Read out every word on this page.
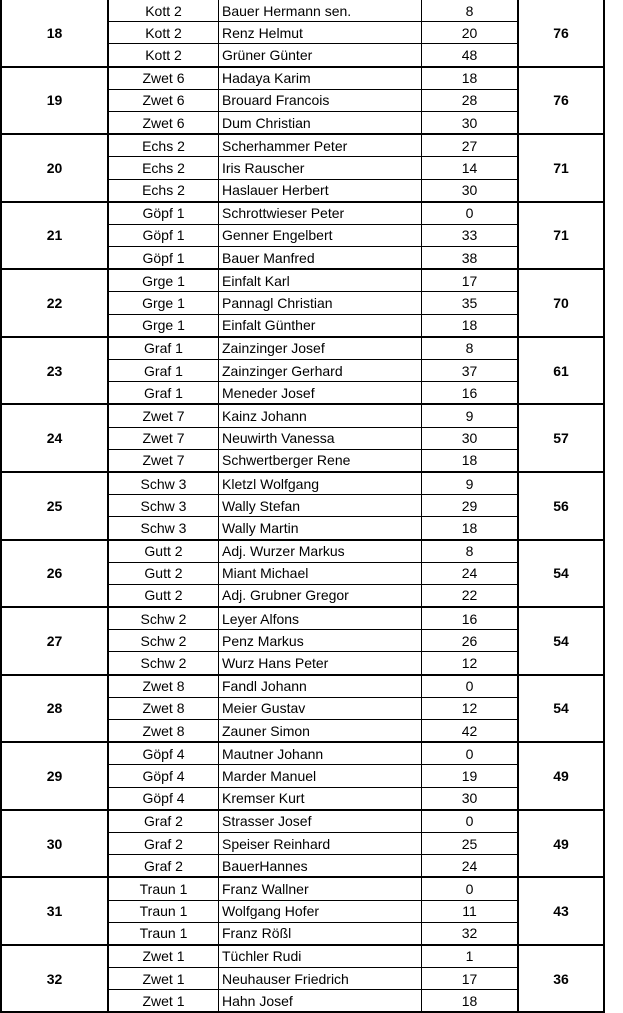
18	Kott 2	Bauer Hermann sen.	8	76
	Kott 2	Renz Helmut	20	
	Kott 2	Grüner Günter	48	
19	Zwet 6	Hadaya Karim	18	76
	Zwet 6	Brouard Francois	28	
	Zwet 6	Dum Christian	30	
20	Echs 2	Scherhammer Peter	27	71
	Echs 2	Iris Rauscher	14	
	Echs 2	Haslauer Herbert	30	
21	Göpf 1	Schrottwieser Peter	0	71
	Göpf 1	Genner Engelbert	33	
	Göpf 1	Bauer Manfred	38	
22	Grge 1	Einfalt Karl	17	70
	Grge 1	Pannagl Christian	35	
	Grge 1	Einfalt Günther	18	
23	Graf 1	Zainzinger Josef	8	61
	Graf 1	Zainzinger Gerhard	37	
	Graf 1	Meneder Josef	16	
24	Zwet 7	Kainz Johann	9	57
	Zwet 7	Neuwirth Vanessa	30	
	Zwet 7	Schwertberger Rene	18	
25	Schw 3	Kletzl Wolfgang	9	56
	Schw 3	Wally Stefan	29	
	Schw 3	Wally Martin	18	
26	Gutt 2	Adj. Wurzer Markus	8	54
	Gutt 2	Miant Michael	24	
	Gutt 2	Adj. Grubner Gregor	22	
27	Schw 2	Leyer Alfons	16	54
	Schw 2	Penz Markus	26	
	Schw 2	Wurz Hans Peter	12	
28	Zwet 8	Fandl Johann	0	54
	Zwet 8	Meier Gustav	12	
	Zwet 8	Zauner Simon	42	
29	Göpf 4	Mautner Johann	0	49
	Göpf 4	Marder Manuel	19	
	Göpf 4	Kremser Kurt	30	
30	Graf 2	Strasser Josef	0	49
	Graf 2	Speiser Reinhard	25	
	Graf 2	BauerHannes	24	
31	Traun 1	Franz Wallner	0	43
	Traun 1	Wolfgang Hofer	11	
	Traun 1	Franz Rößl	32	
32	Zwet 1	Tüchler Rudi	1	36
	Zwet 1	Neuhauser Friedrich	17	
	Zwet 1	Hahn Josef	18	
